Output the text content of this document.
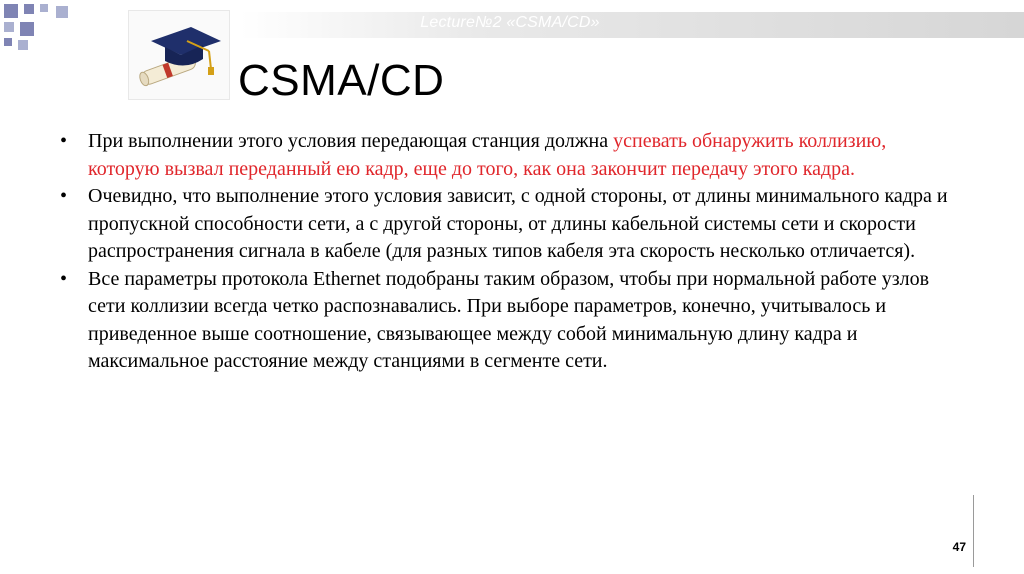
Lecture№2 «CSMA/CD»
CSMA/CD
• При выполнении этого условия передающая станция должна успевать обнаружить коллизию, которую вызвал переданный ею кадр, еще до того, как она закончит передачу этого кадра.
• Очевидно, что выполнение этого условия зависит, с одной стороны, от длины минимального кадра и пропускной способности сети, а с другой стороны, от длины кабельной системы сети и скорости распространения сигнала в кабеле (для разных типов кабеля эта скорость несколько отличается).
• Все параметры протокола Ethernet подобраны таким образом, чтобы при нормальной работе узлов сети коллизии всегда четко распознавались. При выборе параметров, конечно, учитывалось и приведенное выше соотношение, связывающее между собой минимальную длину кадра и максимальное расстояние между станциями в сегменте сети.
47
